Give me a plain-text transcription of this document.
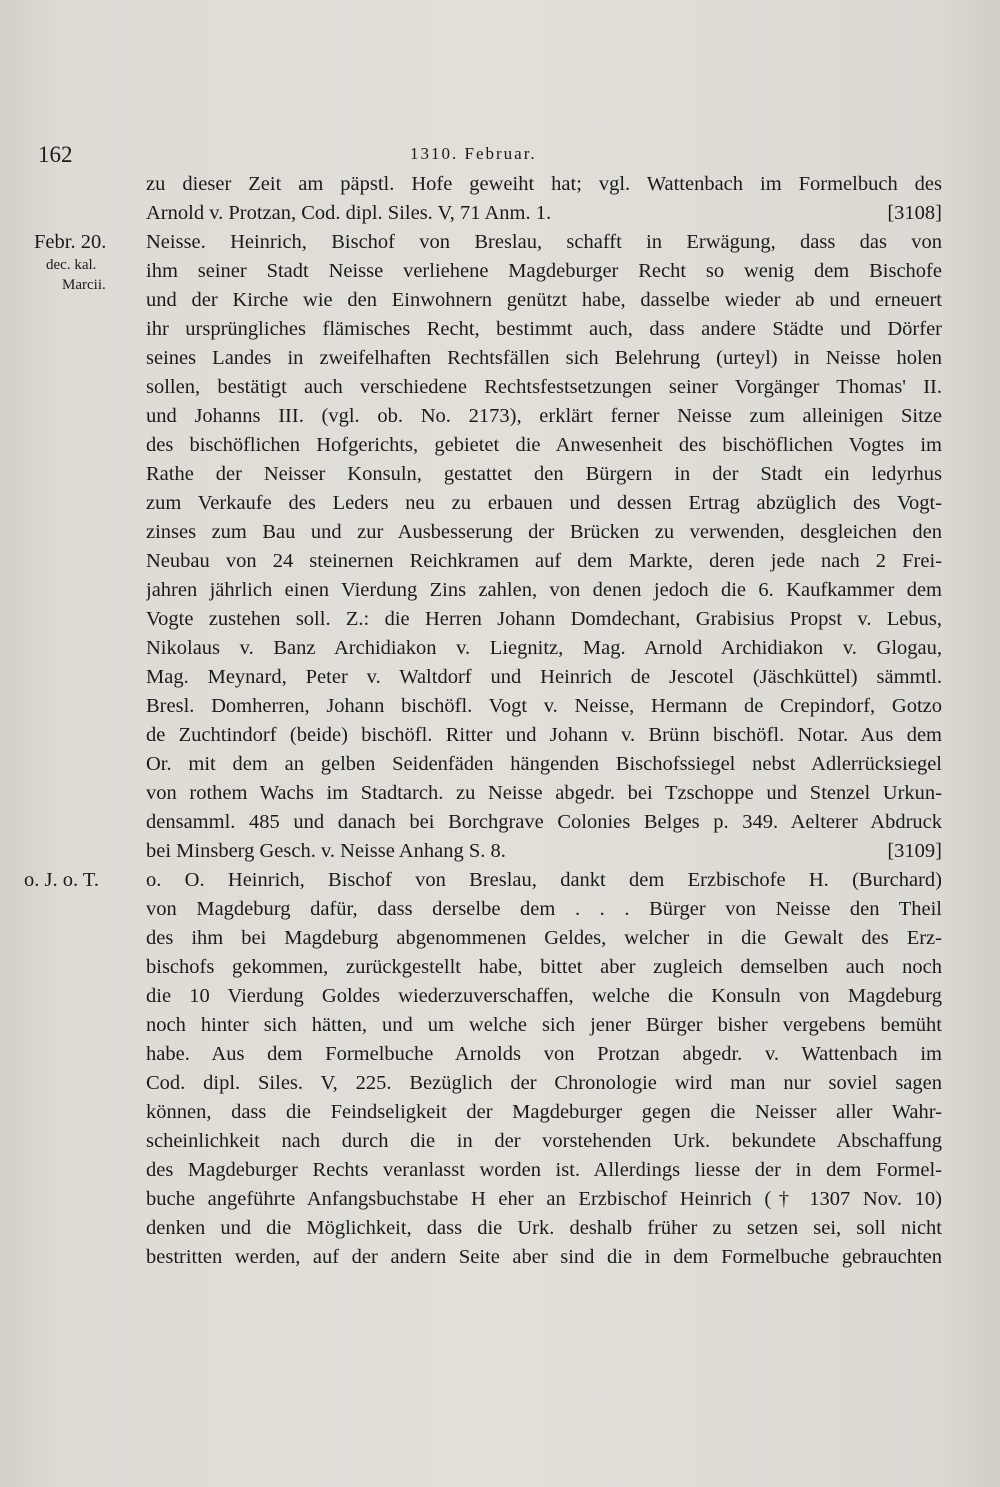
162	1310. Februar.
zu dieser Zeit am päpstl. Hofe geweiht hat; vgl. Wattenbach im Formelbuch des
Arnold v. Protzan, Cod. dipl. Siles. V, 71 Anm. 1.	[3108]
Febr. 20. Neisse. Heinrich, Bischof von Breslau, schafft in Erwägung, dass das von
dec. kal.
Marcii.
ihm seiner Stadt Neisse verliehene Magdeburger Recht so wenig dem Bischofe
und der Kirche wie den Einwohnern genützt habe, dasselbe wieder ab und erneuert
ihr ursprüngliches flämisches Recht, bestimmt auch, dass andere Städte und Dörfer
seines Landes in zweifelhaften Rechtsfällen sich Belehrung (urteyl) in Neisse holen
sollen, bestätigt auch verschiedene Rechtsfestsetzungen seiner Vorgänger Thomas' II.
und Johanns III. (vgl. ob. No. 2173), erklärt ferner Neisse zum alleinigen Sitze
des bischöflichen Hofgerichts, gebietet die Anwesenheit des bischöflichen Vogtes im
Rathe der Neisser Konsuln, gestattet den Bürgern in der Stadt ein ledyrhus
zum Verkaufe des Leders neu zu erbauen und dessen Ertrag abzüglich des Vogt-
zinses zum Bau und zur Ausbesserung der Brücken zu verwenden, desgleichen den
Neubau von 24 steinernen Reichkramen auf dem Markte, deren jede nach 2 Frei-
jahren jährlich einen Vierdung Zins zahlen, von denen jedoch die 6. Kaufkammer dem
Vogte zustehen soll. Z.: die Herren Johann Domdechant, Grabisius Propst v. Lebus,
Nikolaus v. Banz Archidiakon v. Liegnitz, Mag. Arnold Archidiakon v. Glogau,
Mag. Meynard, Peter v. Waltdorf und Heinrich de Jescotel (Jäschküttel) sämmtl.
Bresl. Domherren, Johann bischöfl. Vogt v. Neisse, Hermann de Crepindorf, Gotzo
de Zuchtindorf (beide) bischöfl. Ritter und Johann v. Brünn bischöfl. Notar. Aus dem
Or. mit dem an gelben Seidenfäden hängenden Bischofssiegel nebst Adlerrücksiegel
von rothem Wachs im Stadtarch. zu Neisse abgedr. bei Tzschoppe und Stenzel Urkun-
densamml. 485 und danach bei Borchgrave Colonies Belges p. 349. Aelterer Abdruck
bei Minsberg Gesch. v. Neisse Anhang S. 8.	[3109]
o. J. o. T. o. O. Heinrich, Bischof von Breslau, dankt dem Erzbischofe H. (Burchard)
von Magdeburg dafür, dass derselbe dem . . . Bürger von Neisse den Theil
des ihm bei Magdeburg abgenommenen Geldes, welcher in die Gewalt des Erz-
bischofs gekommen, zurückgestellt habe, bittet aber zugleich demselben auch noch
die 10 Vierdung Goldes wiederzuverschaffen, welche die Konsuln von Magdeburg
noch hinter sich hätten, und um welche sich jener Bürger bisher vergebens bemüht
habe. Aus dem Formelbuche Arnolds von Protzan abgedr. v. Wattenbach im
Cod. dipl. Siles. V, 225. Bezüglich der Chronologie wird man nur soviel sagen
können, dass die Feindseligkeit der Magdeburger gegen die Neisser aller Wahr-
scheinlichkeit nach durch die in der vorstehenden Urk. bekundete Abschaffung
des Magdeburger Rechts veranlasst worden ist. Allerdings liesse der in dem Formel-
buche angeführte Anfangsbuchstabe H eher an Erzbischof Heinrich († 1307 Nov. 10)
denken und die Möglichkeit, dass die Urk. deshalb früher zu setzen sei, soll nicht
bestritten werden, auf der andern Seite aber sind die in dem Formelbuche gebrauchten
